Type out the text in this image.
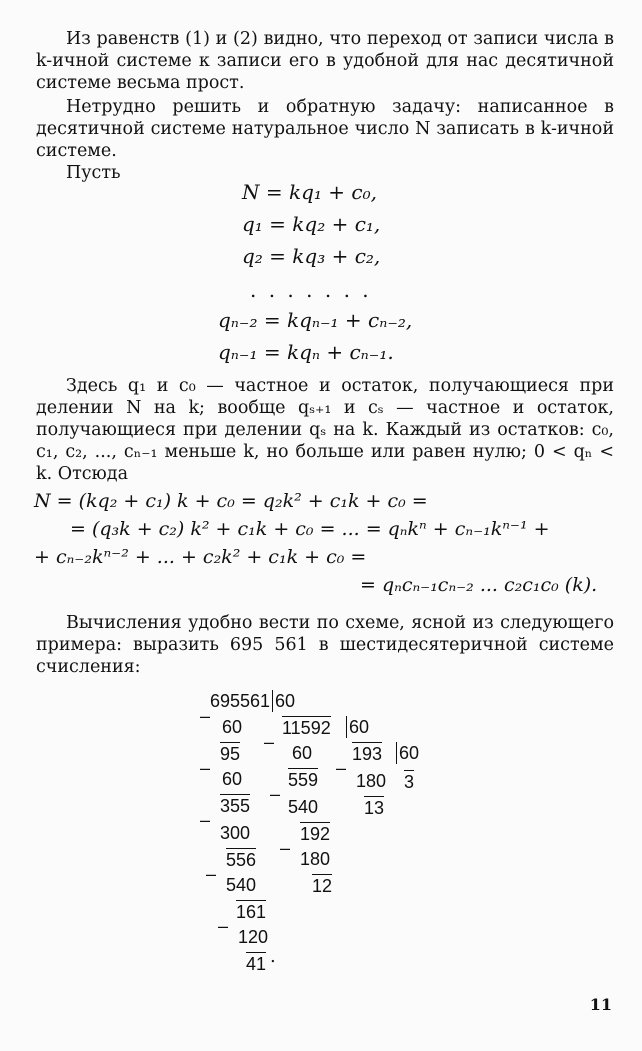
Из равенств (1) и (2) видно, что переход от записи числа в k-ичной системе к записи его в удобной для нас десятичной системе весьма прост.
Нетрудно решить и обратную задачу: написанное в десятичной системе натуральное число N записать в k-ичной системе.
Пусть
N = kq₁ + c₀,
q₁ = kq₂ + c₁,
q₂ = kq₃ + c₂,
. . . . . . .
qₙ₋₂ = kqₙ₋₁ + cₙ₋₂,
qₙ₋₁ = kqₙ + cₙ₋₁.
Здесь q₁ и c₀ — частное и остаток, получающиеся при делении N на k; вообще qₛ₊₁ и cₛ — частное и остаток, получающиеся при делении qₛ на k. Каждый из остатков: c₀, c₁, c₂, ..., cₙ₋₁ меньше k, но больше или равен нулю; 0 < qₙ < k. Отсюда
N = (kq₂ + c₁) k + c₀ = q₂k² + c₁k + c₀ =
= (q₃k + c₂) k² + c₁k + c₀ = ... = qₙkⁿ + cₙ₋₁kⁿ⁻¹ +
+ cₙ₋₂kⁿ⁻² + ... + c₂k² + c₁k + c₀ =
= qₙcₙ₋₁cₙ₋₂ ... c₂c₁c₀ (k).
Вычисления удобно вести по схеме, ясной из следующего примера: выразить 695 561 в шестидесятеричной системе счисления:
695561 60
–
60
95
–
60
355
–
300
556
–
540
161
–
120
41 .
11592 60
–
60
559
–
540
192
–
180
12
193 60
–
180
13
3
11
